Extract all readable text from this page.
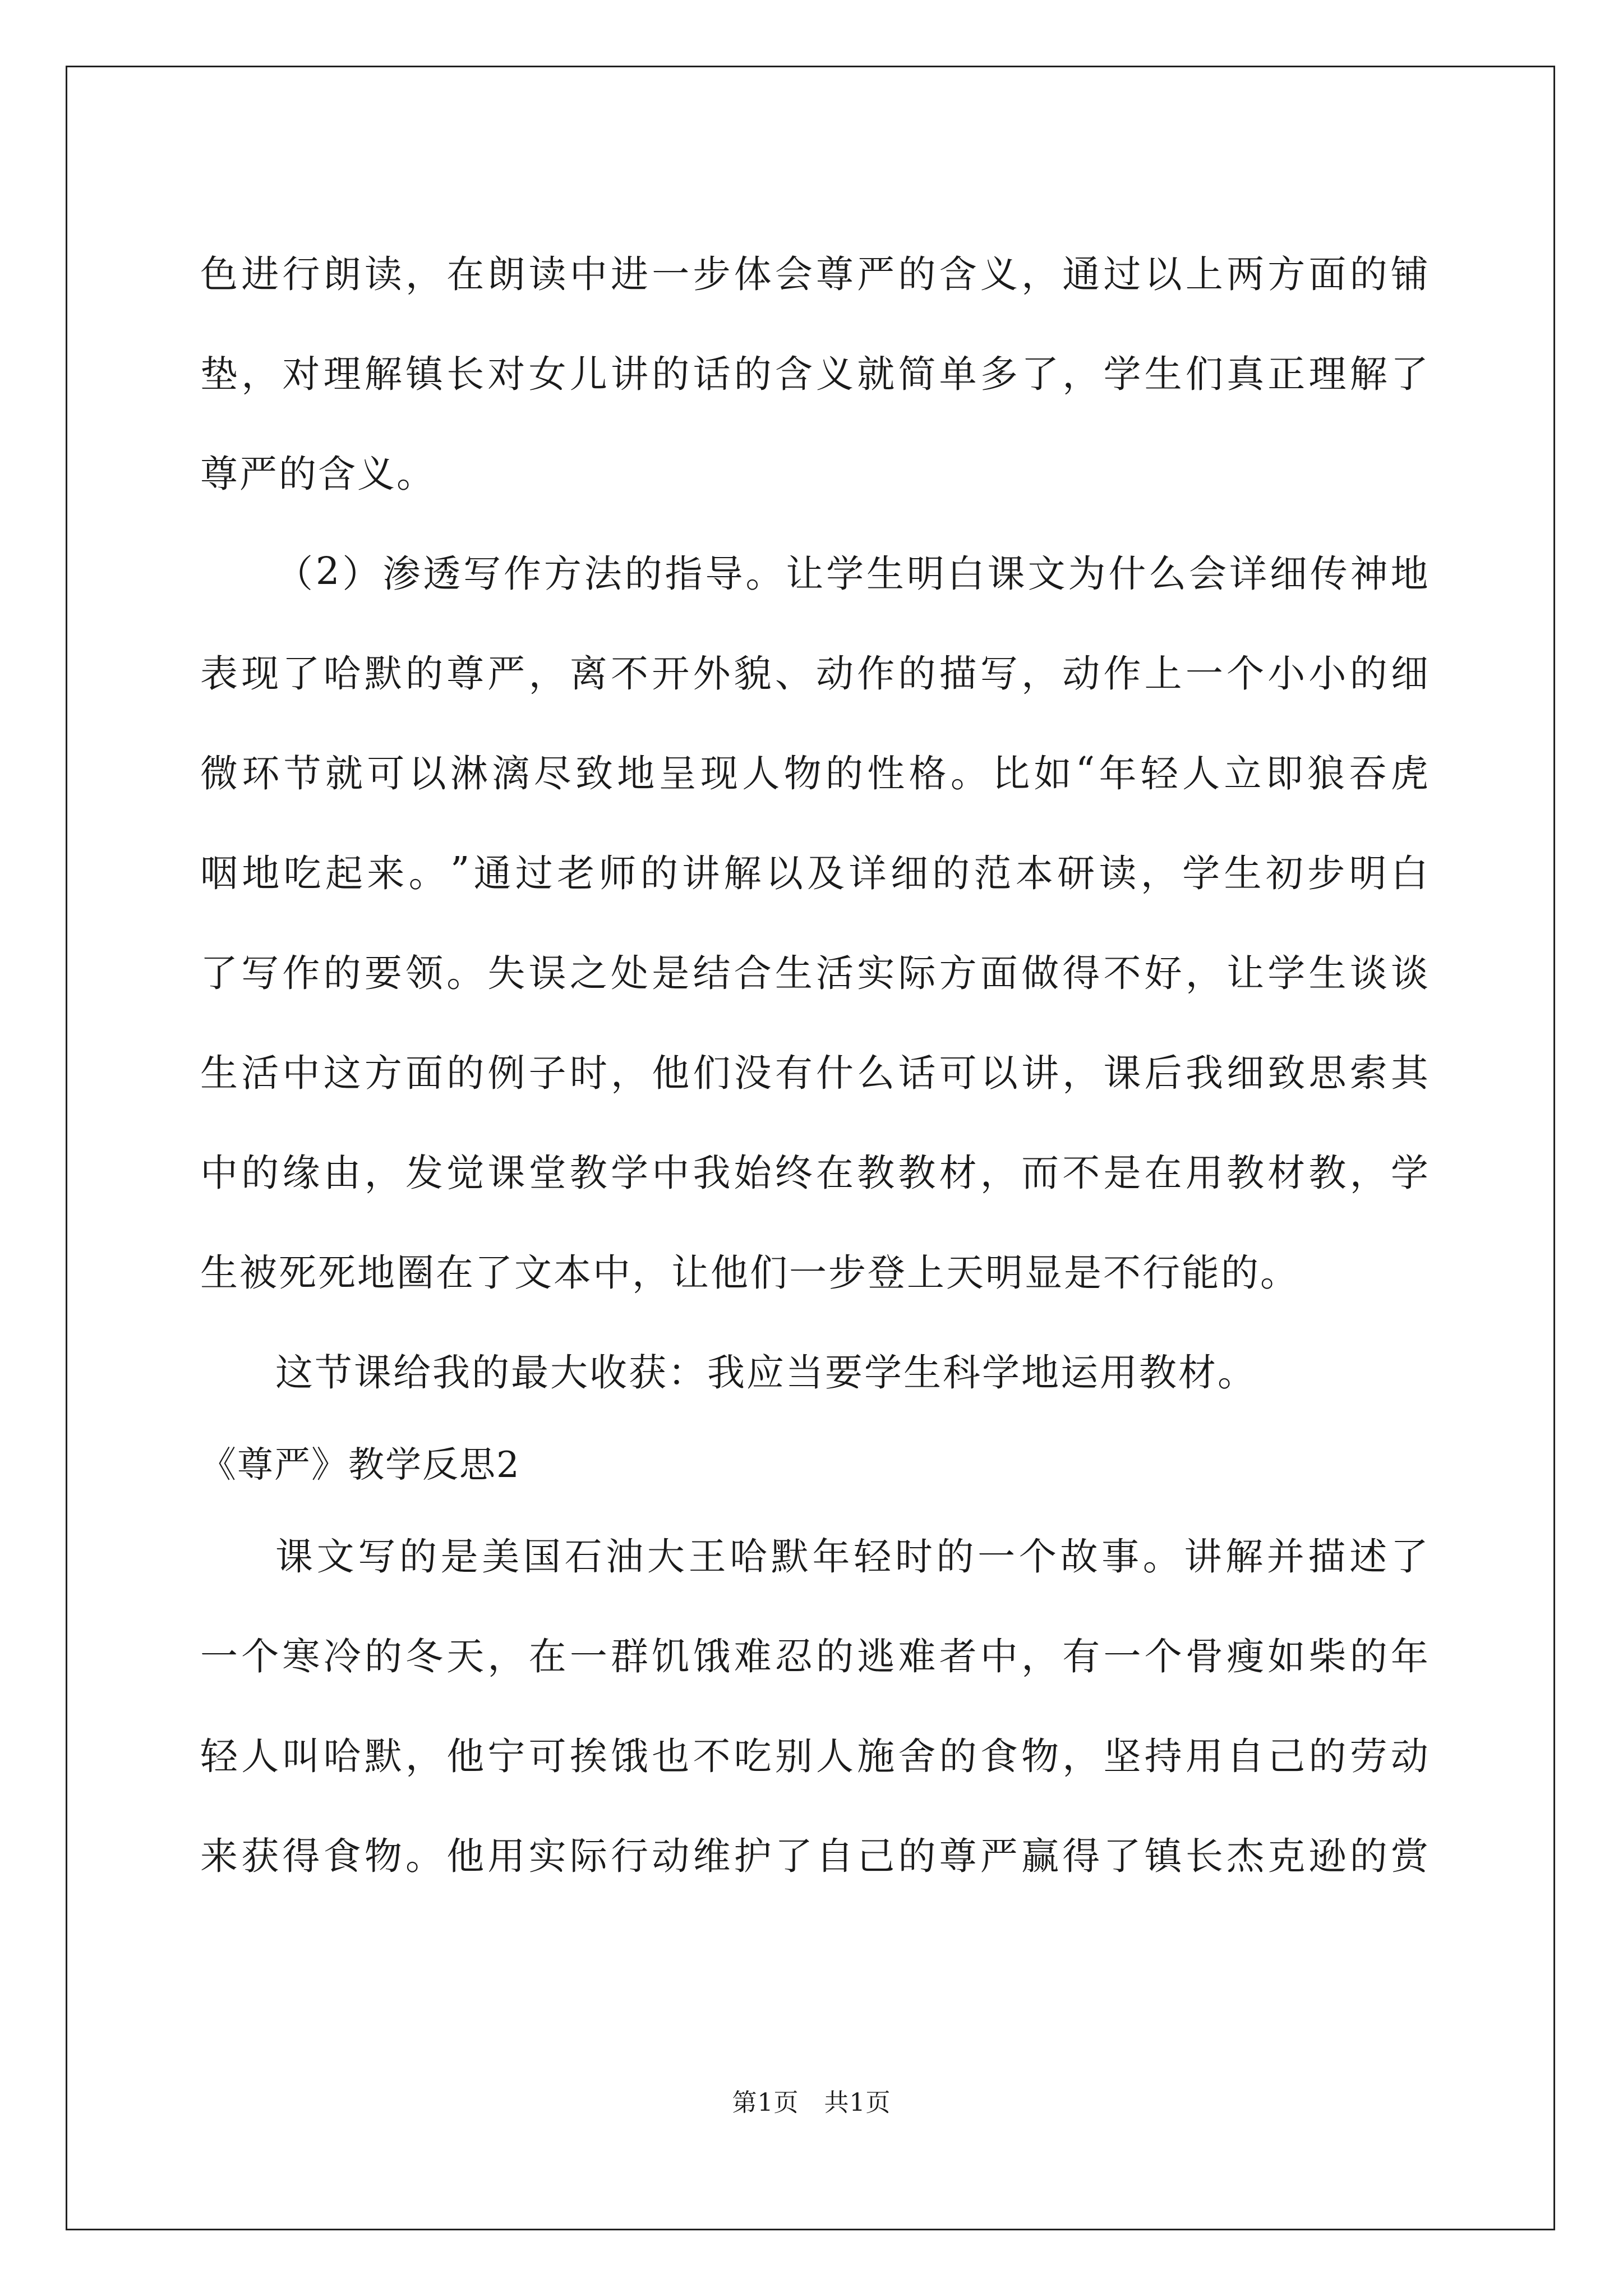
色 进 行 朗 读 ， 在 朗 读 中 进 一 步 体 会 尊 严 的 含 义 ， 通 过 以 上 两 方 面 的 铺
垫 ， 对 理 解 镇 长 对 女 儿 讲 的 话 的 含 义 就 简 单 多 了 ， 学 生 们 真 正 理 解 了
尊严的含义。
（ 2 ） 渗 透 写 作 方 法 的 指 导 。 让 学 生 明 白 课 文 为 什 么 会 详 细 传 神 地
表 现 了 哈 默 的 尊 严 ， 离 不 开 外 貌 、 动 作 的 描 写 ， 动 作 上 一 个 小 小 的 细
微 环 节 就 可 以 淋 漓 尽 致 地 呈 现 人 物 的 性 格 。 比 如 “ 年 轻 人 立 即 狼 吞 虎
咽 地 吃 起 来 。 ” 通 过 老 师 的 讲 解 以 及 详 细 的 范 本 研 读 ， 学 生 初 步 明 白
了 写 作 的 要 领 。 失 误 之 处 是 结 合 生 活 实 际 方 面 做 得 不 好 ， 让 学 生 谈 谈
生 活 中 这 方 面 的 例 子 时 ， 他 们 没 有 什 么 话 可 以 讲 ， 课 后 我 细 致 思 索 其
中 的 缘 由 ， 发 觉 课 堂 教 学 中 我 始 终 在 教 教 材 ， 而 不 是 在 用 教 材 教 ， 学
生被死死地圈在了文本中，让他们一步登上天明显是不行能的。
这节课给我的最大收获：我应当要学生科学地运用教材。
《尊严》教学反思2
课 文 写 的 是 美 国 石 油 大 王 哈 默 年 轻 时 的 一 个 故 事 。 讲 解 并 描 述 了
一 个 寒 冷 的 冬 天 ， 在 一 群 饥 饿 难 忍 的 逃 难 者 中 ， 有 一 个 骨 瘦 如 柴 的 年
轻 人 叫 哈 默 ， 他 宁 可 挨 饿 也 不 吃 别 人 施 舍 的 食 物 ， 坚 持 用 自 己 的 劳 动
来 获 得 食 物 。 他 用 实 际 行 动 维 护 了 自 己 的 尊 严 赢 得 了 镇 长 杰 克 逊 的 赏
第1页　共1页
